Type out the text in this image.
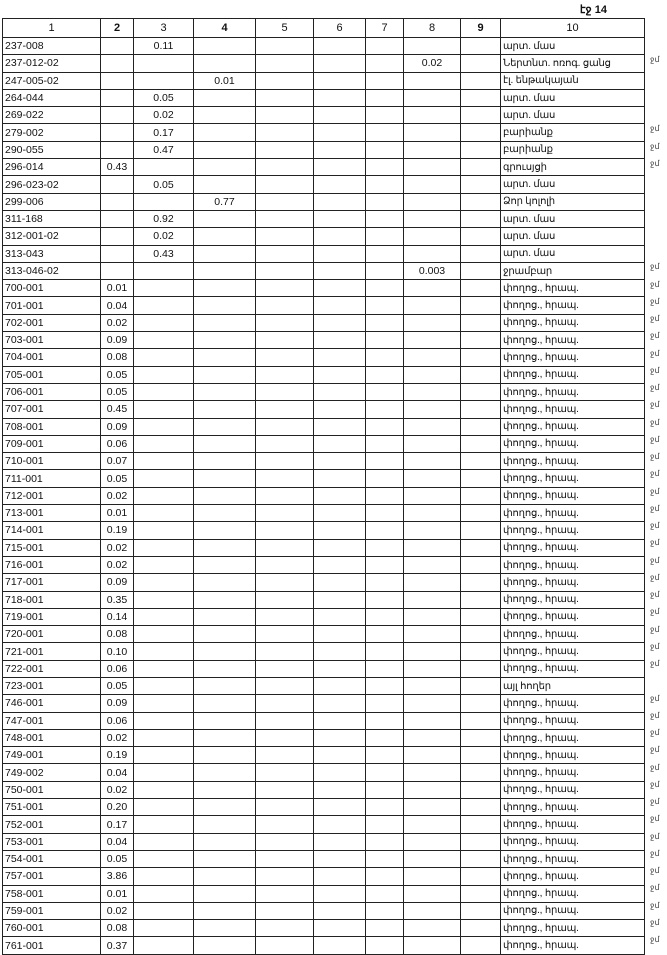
էջ 14
1	2	3	4	5	6	7	8	9	10
237-008		0.11							արտ. մաս
237-012-02							0.02		Ներտնտ. ոռոգ. ցանց
247-005-02			0.01						էլ. ենթակայան
264-044		0.05							արտ. մաս
269-022		0.02							արտ. մաս
279-002		0.17							բարիանք
290-055		0.47							բարիանք
296-014	0.43								գրուսյցի
296-023-02		0.05							արտ. մաս
299-006			0.77						Ձոր կոլոլի
311-168		0.92							արտ. մաս
312-001-02		0.02							արտ. մաս
313-043		0.43							արտ. մաս
313-046-02							0.003		ջրամբար
700-001	0.01								փողոց., հրապ.
701-001	0.04								փողոց., հրապ.
702-001	0.02								փողոց., հրապ.
703-001	0.09								փողոց., հրապ.
704-001	0.08								փողոց., հրապ.
705-001	0.05								փողոց., հրապ.
706-001	0.05								փողոց., հրապ.
707-001	0.45								փողոց., հրապ.
708-001	0.09								փողոց., հրապ.
709-001	0.06								փողոց., հրապ.
710-001	0.07								փողոց., հրապ.
711-001	0.05								փողոց., հրապ.
712-001	0.02								փողոց., հրապ.
713-001	0.01								փողոց., հրապ.
714-001	0.19								փողոց., հրապ.
715-001	0.02								փողոց., հրապ.
716-001	0.02								փողոց., հրապ.
717-001	0.09								փողոց., հրապ.
718-001	0.35								փողոց., հրապ.
719-001	0.14								փողոց., հրապ.
720-001	0.08								փողոց., հրապ.
721-001	0.10								փողոց., հրապ.
722-001	0.06								փողոց., հրապ.
723-001	0.05								այլ հողեր
746-001	0.09								փողոց., հրապ.
747-001	0.06								փողոց., հրապ.
748-001	0.02								փողոց., հրապ.
749-001	0.19								փողոց., հրապ.
749-002	0.04								փողոց., հրապ.
750-001	0.02								փողոց., հրապ.
751-001	0.20								փողոց., հրապ.
752-001	0.17								փողոց., հրապ.
753-001	0.04								փողոց., հրապ.
754-001	0.05								փողոց., հրապ.
757-001	3.86								փողոց., հրապ.
758-001	0.01								փողոց., հրապ.
759-001	0.02								փողոց., հրապ.
760-001	0.08								փողոց., հրապ.
761-001	0.37								փողոց., հրապ.
ջմ
ջմ
ջմ
ջմ
ջմ
ջմ
ջմ
ջմ
ջմ
ջմ
ջմ
ջմ
ջմ
ջմ
ջմ
ջմ
ջմ
ջմ
ջմ
ջմ
ջմ
ջմ
ջմ
ջմ
ջմ
ջմ
ջմ
ջմ
ջմ
ջմ
ջմ
ջմ
ջմ
ջմ
ջմ
ջմ
ջմ
ջմ
ջմ
ջմ
ջմ
ջմ
ջմ
